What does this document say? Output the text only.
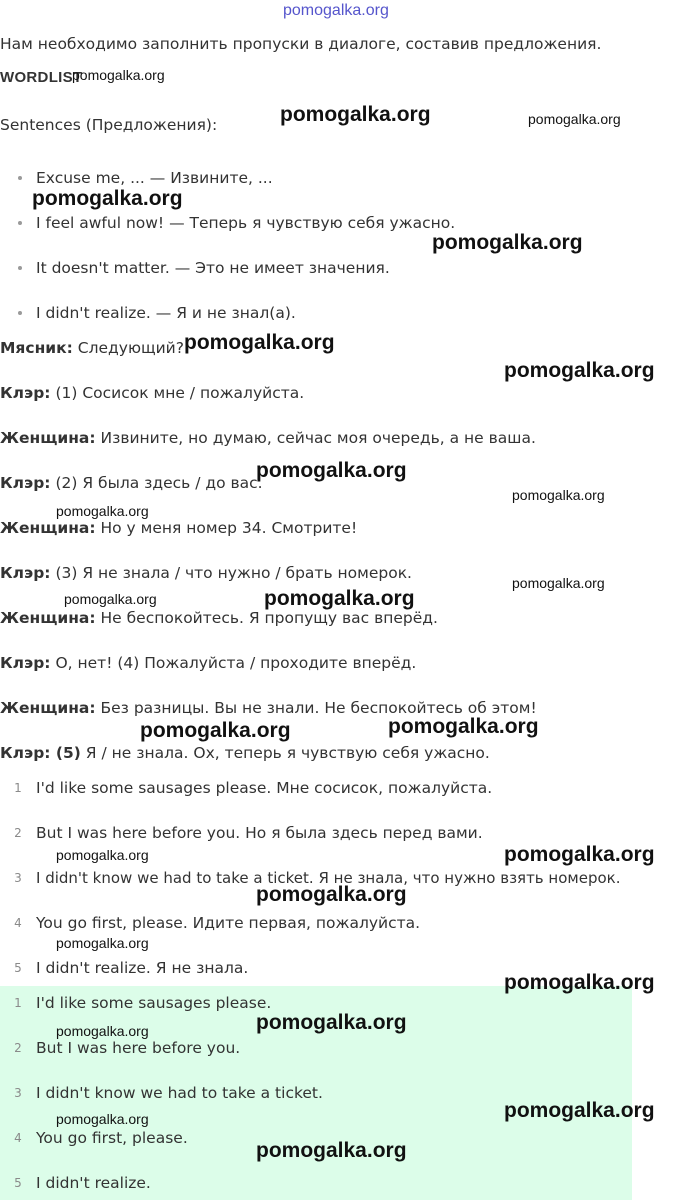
pomogalka.org
Нам необходимо заполнить пропуски в диалоге, составив предложения.
WORDLIST
Sentences (Предложения):
Excuse me, ... — Извините, ...
I feel awful now! — Теперь я чувствую себя ужасно.
It doesn't matter. — Это не имеет значения.
I didn't realize. — Я и не знал(а).
Мясник: Следующий?
Клэр: (1) Сосисок мне / пожалуйста.
Женщина: Извините, но думаю, сейчас моя очередь, а не ваша.
Клэр: (2) Я была здесь / до вас.
Женщина: Но у меня номер 34. Смотрите!
Клэр: (3) Я не знала / что нужно / брать номерок.
Женщина: Не беспокойтесь. Я пропущу вас вперёд.
Клэр: О, нет! (4) Пожалуйста / проходите вперёд.
Женщина: Без разницы. Вы не знали. Не беспокойтесь об этом!
Клэр: (5) Я / не знала. Ох, теперь я чувствую себя ужасно.
1 I'd like some sausages please. Мне сосисок, пожалуйста.
2 But I was here before you. Но я была здесь перед вами.
3 I didn't know we had to take a ticket. Я не знала, что нужно взять номерок.
4 You go first, please. Идите первая, пожалуйста.
5 I didn't realize. Я не знала.
1 I'd like some sausages please.
2 But I was here before you.
3 I didn't know we had to take a ticket.
4 You go first, please.
5 I didn't realize.
pomogalka.org
pomogalka.org	pomogalka.org
pomogalka.org
pomogalka.org
pomogalka.org
pomogalka.org
pomogalka.org
pomogalka.org
pomogalka.org
pomogalka.org
pomogalka.org	pomogalka.org
pomogalka.org	pomogalka.org
pomogalka.org	pomogalka.org
pomogalka.org
pomogalka.org
pomogalka.org
pomogalka.org
pomogalka.org
pomogalka.org	pomogalka.org
pomogalka.org
